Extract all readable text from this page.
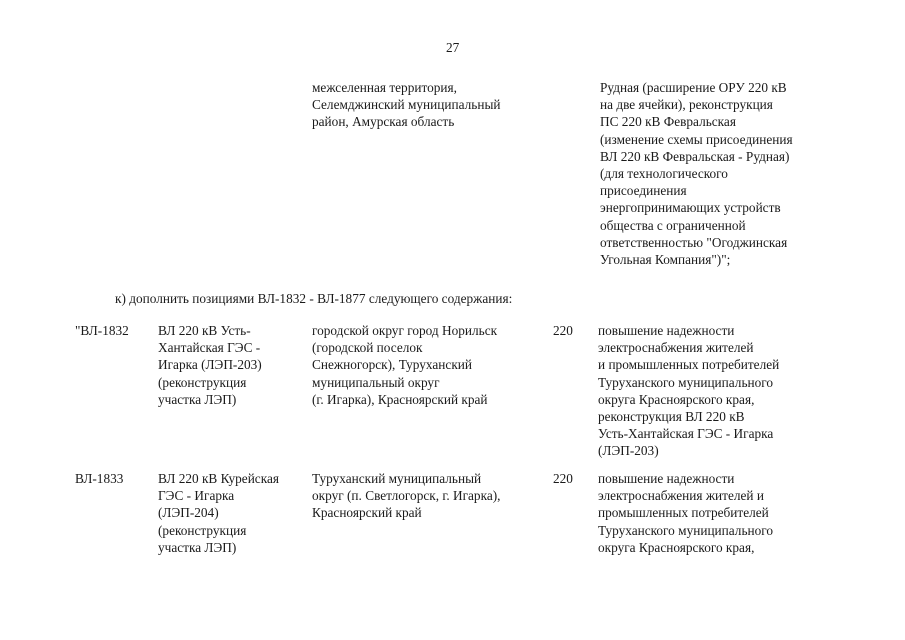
27
межселенная территория,
Селемджинский муниципальный
район, Амурская область
Рудная (расширение ОРУ 220 кВ
на две ячейки), реконструкция
ПС 220 кВ Февральская
(изменение схемы присоединения
ВЛ 220 кВ Февральская - Рудная)
(для технологического
присоединения
энергопринимающих устройств
общества с ограниченной
ответственностью "Огоджинская
Угольная Компания")";
к) дополнить позициями ВЛ-1832 - ВЛ-1877 следующего содержания:
"ВЛ-1832 ВЛ 220 кВ Усть-
Хантайская ГЭС -
Игарка (ЛЭП-203)
(реконструкция
участка ЛЭП)
городской округ город Норильск
(городской поселок
Снежногорск), Туруханский
муниципальный округ
(г. Игарка), Красноярский край
220 повышение надежности
электроснабжения жителей
и промышленных потребителей
Туруханского муниципального
округа Красноярского края,
реконструкция ВЛ 220 кВ
Усть-Хантайская ГЭС - Игарка
(ЛЭП-203)
ВЛ-1833	ВЛ 220 кВ Курейская
ГЭС - Игарка
(ЛЭП-204)
(реконструкция
участка ЛЭП)
Туруханский муниципальный
округ (п. Светлогорск, г. Игарка),
Красноярский край
220 повышение надежности
электроснабжения жителей и
промышленных потребителей
Туруханского муниципального
округа Красноярского края,
